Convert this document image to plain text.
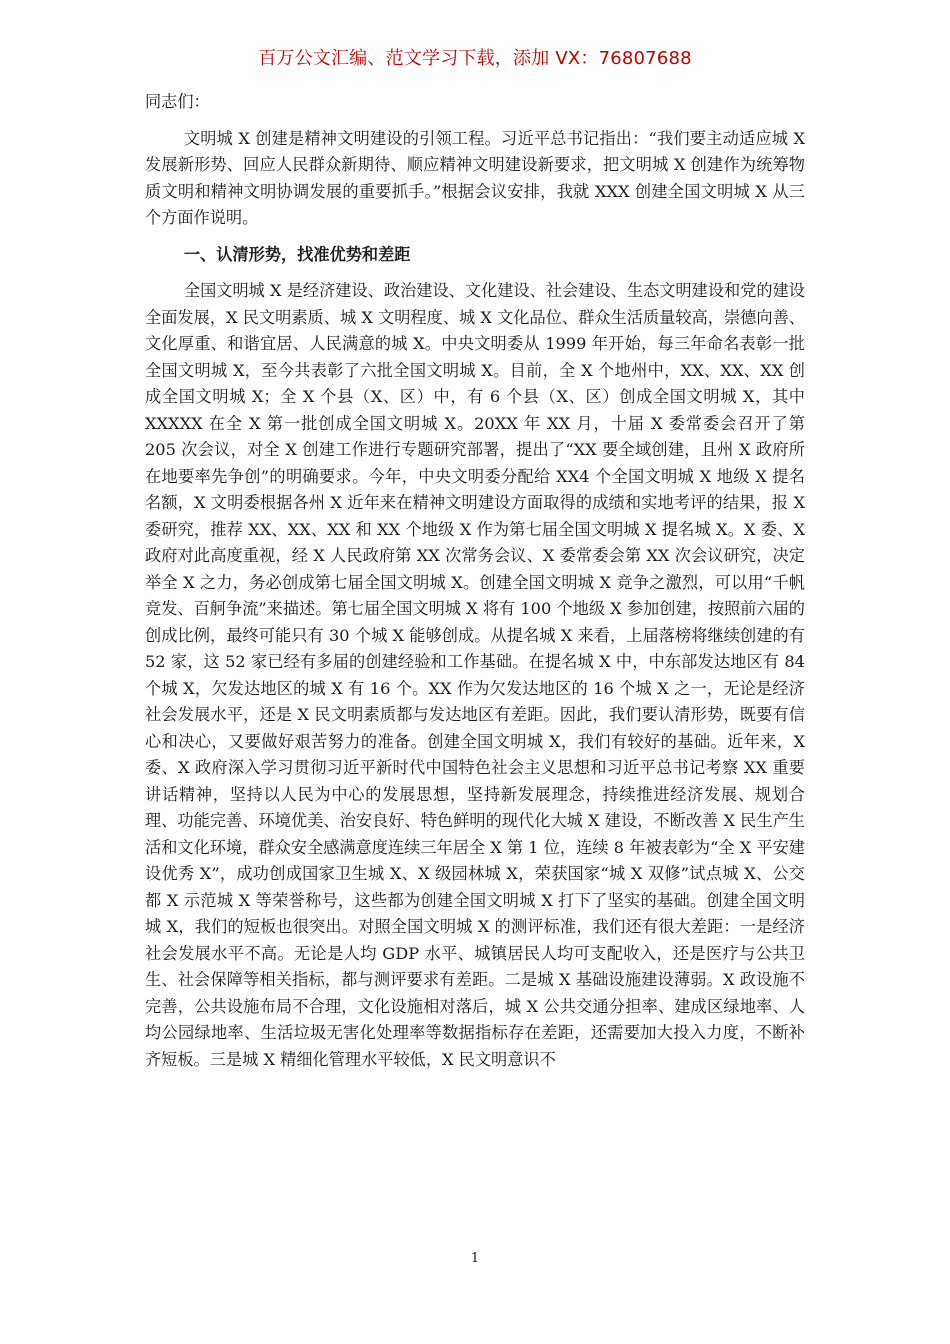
百万公文汇编、范文学习下载，添加 VX：76807688

同志们：

文明城 X 创建是精神文明建设的引领工程。习近平总书记指出：“我们要主动适应城 X 发展新形势、回应人民群众新期待、顺应精神文明建设新要求，把文明城 X 创建作为统筹物质文明和精神文明协调发展的重要抓手。”根据会议安排，我就 XXX 创建全国文明城 X 从三个方面作说明。

一、认清形势，找准优势和差距

全国文明城 X 是经济建设、政治建设、文化建设、社会建设、生态文明建设和党的建设全面发展，X 民文明素质、城 X 文明程度、城 X 文化品位、群众生活质量较高，崇德向善、文化厚重、和谐宜居、人民满意的城 X。中央文明委从 1999 年开始，每三年命名表彰一批全国文明城 X，至今共表彰了六批全国文明城 X。目前，全 X 个地州中，XX、XX、XX 创成全国文明城 X；全 X 个县（X、区）中，有 6 个县（X、区）创成全国文明城 X，其中 XXXXX 在全 X 第一批创成全国文明城 X。20XX 年 XX 月，十届 X 委常委会召开了第 205 次会议，对全 X 创建工作进行专题研究部署，提出了“XX 要全域创建，且州 X 政府所在地要率先争创”的明确要求。今年，中央文明委分配给 XX4 个全国文明城 X 地级 X 提名名额，X 文明委根据各州 X 近年来在精神文明建设方面取得的成绩和实地考评的结果，报 X 委研究，推荐 XX、XX、XX 和 XX 个地级 X 作为第七届全国文明城 X 提名城 X。X 委、X 政府对此高度重视，经 X 人民政府第 XX 次常务会议、X 委常委会第 XX 次会议研究，决定举全 X 之力，务必创成第七届全国文明城 X。创建全国文明城 X 竞争之激烈，可以用“千帆竞发、百舸争流”来描述。第七届全国文明城 X 将有 100 个地级 X 参加创建，按照前六届的创成比例，最终可能只有 30 个城 X 能够创成。从提名城 X 来看，上届落榜将继续创建的有 52 家，这 52 家已经有多届的创建经验和工作基础。在提名城 X 中，中东部发达地区有 84 个城 X，欠发达地区的城 X 有 16 个。XX 作为欠发达地区的 16 个城 X 之一，无论是经济社会发展水平，还是 X 民文明素质都与发达地区有差距。因此，我们要认清形势，既要有信心和决心，又要做好艰苦努力的准备。创建全国文明城 X，我们有较好的基础。近年来，X 委、X 政府深入学习贯彻习近平新时代中国特色社会主义思想和习近平总书记考察 XX 重要讲话精神，坚持以人民为中心的发展思想，坚持新发展理念，持续推进经济发展、规划合理、功能完善、环境优美、治安良好、特色鲜明的现代化大城 X 建设，不断改善 X 民生产生活和文化环境，群众安全感满意度连续三年居全 X 第 1 位，连续 8 年被表彰为“全 X 平安建设优秀 X”，成功创成国家卫生城 X、X 级园林城 X，荣获国家“城 X 双修”试点城 X、公交都 X 示范城 X 等荣誉称号，这些都为创建全国文明城 X 打下了坚实的基础。创建全国文明城 X，我们的短板也很突出。对照全国文明城 X 的测评标准，我们还有很大差距：一是经济社会发展水平不高。无论是人均 GDP 水平、城镇居民人均可支配收入，还是医疗与公共卫生、社会保障等相关指标，都与测评要求有差距。二是城 X 基础设施建设薄弱。X 政设施不完善，公共设施布局不合理，文化设施相对落后，城 X 公共交通分担率、建成区绿地率、人均公园绿地率、生活垃圾无害化处理率等数据指标存在差距，还需要加大投入力度，不断补齐短板。三是城 X 精细化管理水平较低，X 民文明意识不

1
